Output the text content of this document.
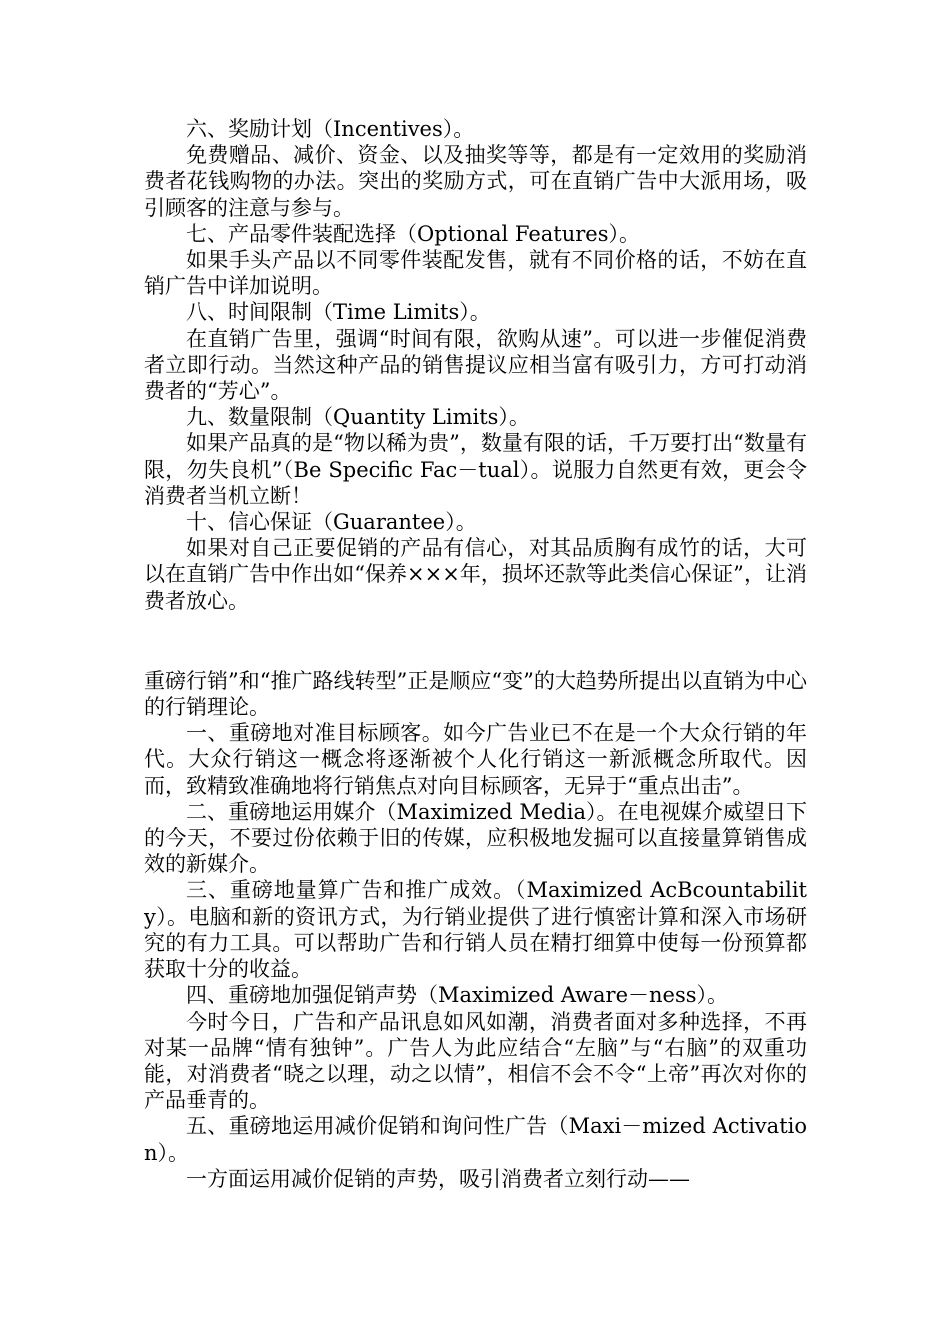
六、奖励计划（Incentives）。

免费赠品、减价、资金、以及抽奖等等，都是有一定效用的奖励消费者花钱购物的办法。突出的奖励方式，可在直销广告中大派用场，吸引顾客的注意与参与。

七、产品零件装配选择（Optional Features）。

如果手头产品以不同零件装配发售，就有不同价格的话，不妨在直销广告中详加说明。

八、时间限制（Time Limits）。

在直销广告里，强调“时间有限，欲购从速”。可以进一步催促消费者立即行动。当然这种产品的销售提议应相当富有吸引力，方可打动消费者的“芳心”。

九、数量限制（Quantity Limits）。

如果产品真的是“物以稀为贵”，数量有限的话，千万要打出“数量有限，勿失良机”（Be Specific Fac－tual）。说服力自然更有效，更会令消费者当机立断！

十、信心保证（Guarantee）。

如果对自己正要促销的产品有信心，对其品质胸有成竹的话，大可以在直销广告中作出如“保养×××年，损坏还款等此类信心保证”，让消费者放心。

重磅行销”和“推广路线转型”正是顺应“变”的大趋势所提出以直销为中心的行销理论。

一、重磅地对准目标顾客。如今广告业已不在是一个大众行销的年代。大众行销这一概念将逐渐被个人化行销这一新派概念所取代。因而，致精致准确地将行销焦点对向目标顾客，无异于“重点出击”。

二、重磅地运用媒介（Maximized Media）。在电视媒介威望日下的今天，不要过份依赖于旧的传媒，应积极地发掘可以直接量算销售成效的新媒介。

三、重磅地量算广告和推广成效。（Maximized AcBcountability）。电脑和新的资讯方式，为行销业提供了进行慎密计算和深入市场研究的有力工具。可以帮助广告和行销人员在精打细算中使每一份预算都获取十分的收益。

四、重磅地加强促销声势（Maximized Aware－ness）。

今时今日，广告和产品讯息如风如潮，消费者面对多种选择，不再对某一品牌“情有独钟”。广告人为此应结合“左脑”与“右脑”的双重功能，对消费者“晓之以理，动之以情”，相信不会不令“上帝”再次对你的产品垂青的。

五、重磅地运用减价促销和询问性广告（Maxi－mized Activation）。

一方面运用减价促销的声势，吸引消费者立刻行动——
